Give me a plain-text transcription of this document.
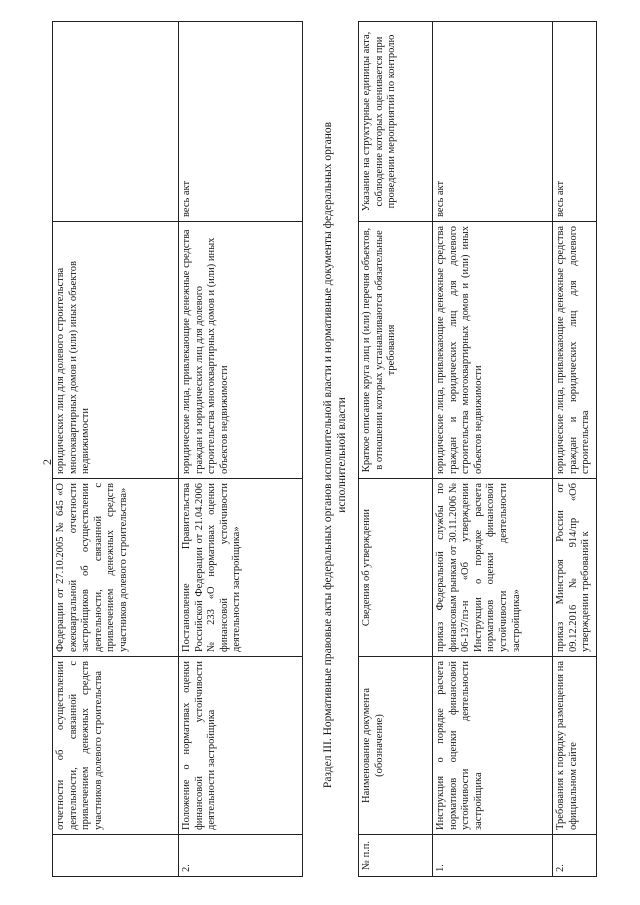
2
	отчетности об осуществлении деятельности, связанной с привлечением денежных средств участников долевого строительства	Федерации от 27.10.2005 № 645 «О ежеквартальной отчетности застройщиков об осуществлении деятельности, связанной с привлечением денежных средств участников долевого строительства»	юридических лиц для долевого строительства многоквартирных домов и (или) иных объектов недвижимости	
2.	Положение о нормативах оценки финансовой устойчивости деятельности застройщика	Постановление Правительства Российской Федерации от 21.04.2006 № 233 «О нормативах оценки финансовой устойчивости деятельности застройщика»	юридические лица, привлекающие денежные средства граждан и юридических лиц для долевого строительства многоквартирных домов и (или) иных объектов недвижимости	весь акт	Раздел III. Нормативные правовые акты федеральных органов исполнительной власти и нормативные документы федеральных органов исполнительной власти
№ п.п.	Наименование документа (обозначение)	Сведения об утверждении	Краткое описание круга лиц и (или) перечня объектов, в отношении которых устанавливаются обязательные требования	Указание на структурные единицы акта, соблюдение которых оценивается при проведении мероприятий по контролю
1.	Инструкция о порядке расчета нормативов оценки финансовой устойчивости деятельности застройщика	приказ Федеральной службы по финансовым рынкам от 30.11.2006 № 06-137/пз-н «Об утверждении Инструкции о порядке расчета нормативов оценки финансовой устойчивости деятельности застройщика»	юридические лица, привлекающие денежные средства граждан и юридических лиц для долевого строительства многоквартирных домов и (или) иных объектов недвижимости	весь акт
2.	Требования к порядку размещения на официальном сайте	приказ Минстроя России от 09.12.2016 № 914/пр «Об утверждении требований к	юридические лица, привлекающие денежные средства граждан и юридических лиц для долевого строительства	весь акт
